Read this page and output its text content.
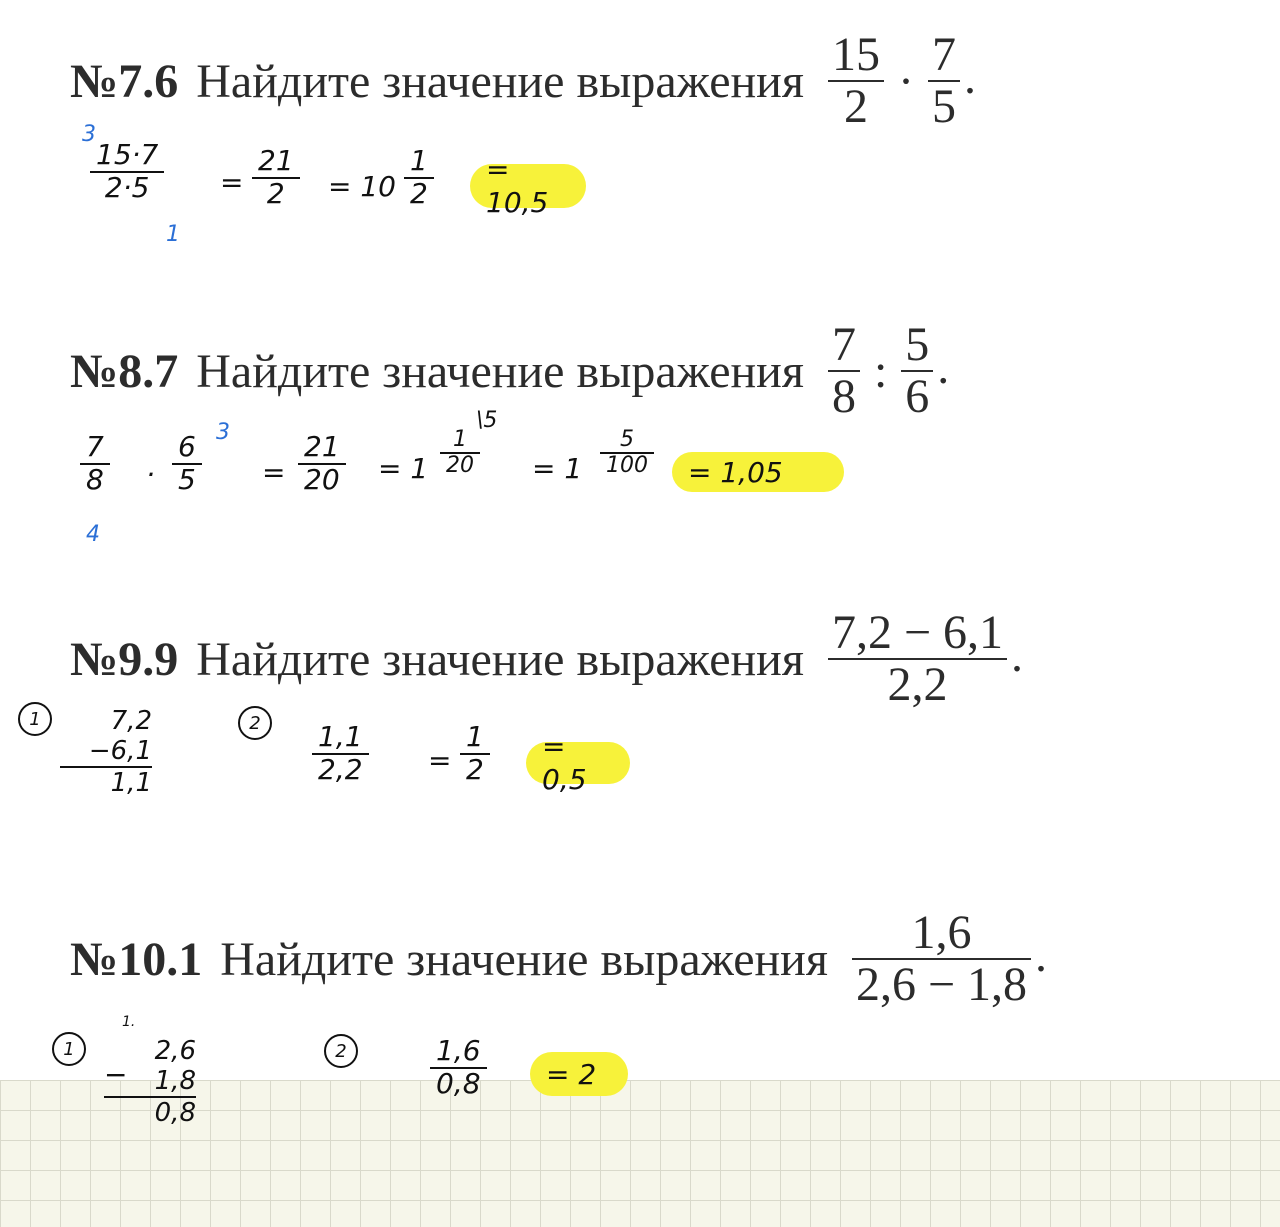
№7.6 Найдите значение выражения $\frac{15}{2} \cdot \frac{7}{5}$ .
$\frac{15\cdot 7}{2\cdot 5}$
3
1
= $\frac{21}{2} = 10 \frac{1}{2}$	= 10,5
№8.7 Найдите значение выражения $\frac{7}{8}$ : $\frac{5}{6}$ .
$\frac{7}{8}$
4
· $\frac{6}{5} 3$
= $\frac{21}{20} = 1 \frac{1}{20}$
\5
= $1 \frac{5}{100}$	= 1,05
№9.9 Найдите значение выражения $\frac{7,2 - 6,1}{2,2}$ .
1	7,2
−6,1
1,1
2	$\frac{1,1}{2,2} = \frac{1}{2}$	= 0,5
№10.1 Найдите значение выражения $\frac{1,6}{2,6 - 1,8}$ .
1
1.
2,6
1,8
0,8
−
2	$\frac{1,6}{0,8}$	= 2
